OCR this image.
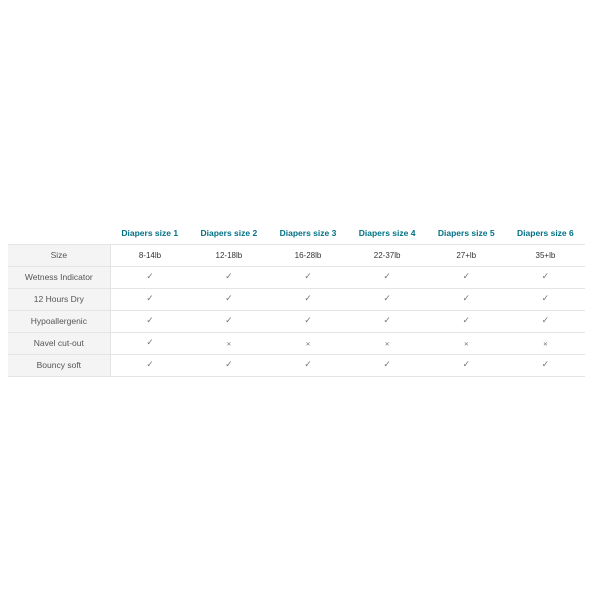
	Diapers size 1	Diapers size 2	Diapers size 3	Diapers size 4	Diapers size 5	Diapers size 6
Size	8-14lb	12-18lb	16-28lb	22-37lb	27+lb	35+lb
Wetness Indicator	✓	✓	✓	✓	✓	✓
12 Hours Dry	✓	✓	✓	✓	✓	✓
Hypoallergenic	✓	✓	✓	✓	✓	✓
Navel cut-out	✓	✕	✕	✕	✕	✕
Bouncy soft	✓	✓	✓	✓	✓	✓
